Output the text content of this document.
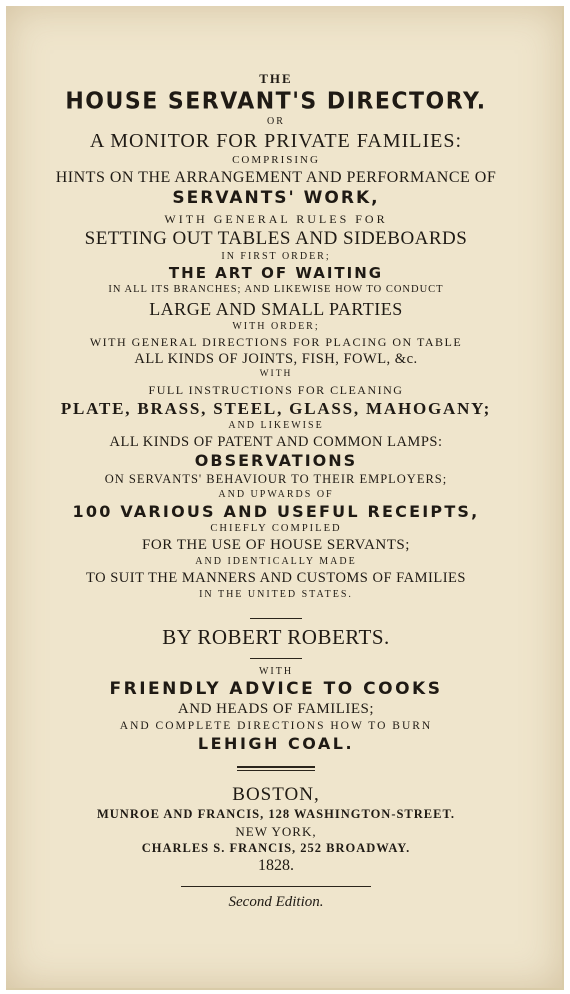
THE
HOUSE SERVANT'S DIRECTORY.
OR
A MONITOR FOR PRIVATE FAMILIES:
COMPRISING
HINTS ON THE ARRANGEMENT AND PERFORMANCE OF
SERVANTS' WORK,
WITH GENERAL RULES FOR
SETTING OUT TABLES AND SIDEBOARDS
IN FIRST ORDER;
THE ART OF WAITING
IN ALL ITS BRANCHES; AND LIKEWISE HOW TO CONDUCT
LARGE AND SMALL PARTIES
WITH ORDER;
WITH GENERAL DIRECTIONS FOR PLACING ON TABLE
ALL KINDS OF JOINTS, FISH, FOWL, &c.
WITH
FULL INSTRUCTIONS FOR CLEANING
PLATE, BRASS, STEEL, GLASS, MAHOGANY;
AND LIKEWISE
ALL KINDS OF PATENT AND COMMON LAMPS:
OBSERVATIONS
ON SERVANTS' BEHAVIOUR TO THEIR EMPLOYERS;
AND UPWARDS OF
100 VARIOUS AND USEFUL RECEIPTS,
CHIEFLY COMPILED
FOR THE USE OF HOUSE SERVANTS;
AND IDENTICALLY MADE
TO SUIT THE MANNERS AND CUSTOMS OF FAMILIES
IN THE UNITED STATES.
BY ROBERT ROBERTS.
WITH
FRIENDLY ADVICE TO COOKS
AND HEADS OF FAMILIES;
AND COMPLETE DIRECTIONS HOW TO BURN
LEHIGH COAL.
BOSTON,
MUNROE AND FRANCIS, 128 WASHINGTON-STREET.
NEW YORK,
CHARLES S. FRANCIS, 252 BROADWAY.
1828.
Second Edition.
